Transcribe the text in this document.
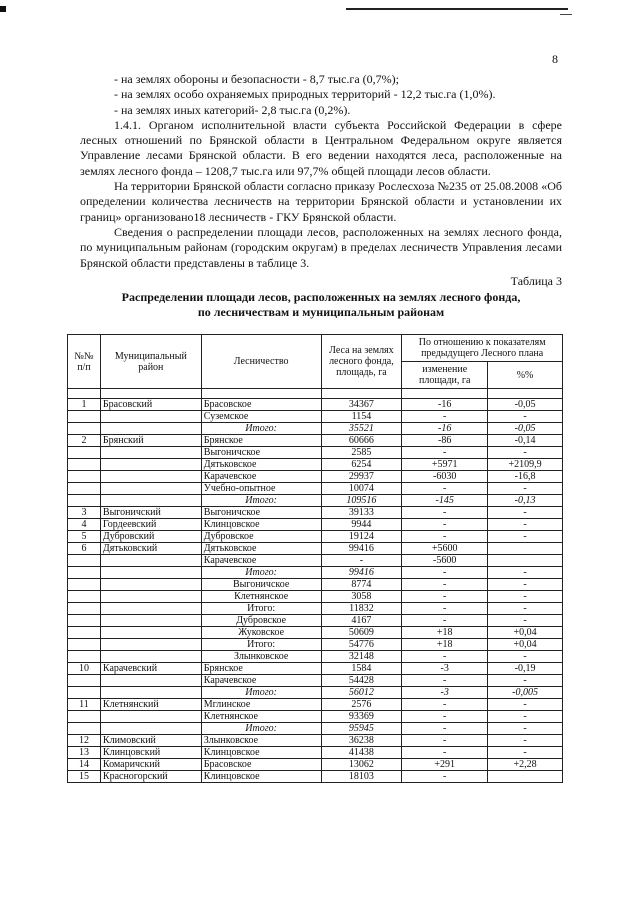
8

- на землях обороны и безопасности - 8,7 тыс.га (0,7%);

- на землях особо охраняемых природных территорий - 12,2 тыс.га (1,0%).

- на землях иных категорий- 2,8 тыс.га (0,2%).

1.4.1. Органом исполнительной власти субъекта Российской Федерации в сфере лесных отношений по Брянской области в Центральном Федеральном округе является Управление лесами Брянской области. В его ведении находятся леса, расположенные на землях лесного фонда – 1208,7 тыс.га или 97,7% общей площади лесов области.

На территории Брянской области согласно приказу Рослесхоза №235 от 25.08.2008 «Об определении количества лесничеств на территории Брянской области и установлении их границ» организовано18 лесничеств - ГКУ Брянской области.

Сведения о распределении площади лесов, расположенных на землях лесного фонда, по муниципальным районам (городским округам) в пределах лесничеств Управления лесами Брянской области представлены в таблице 3.

Таблица 3
Распределении площади лесов, расположенных на землях лесного фонда,
по лесничествам и муниципальным районам
№№ п/п	Муниципальный район	Лесничество	Леса на землях лесного фонда, площадь, га	По отношению к показателям предыдущего Лесного плана	
				изменение площади, га	%%

1	Брасовский	Брасовское	34367	-16	-0,05
		Суземское	1154	-	-
		Итого:	35521	-16	-0,05
2	Брянский	Брянское	60666	-86	-0,14
		Выгоничское	2585	-	-
		Дятьковское	6254	+5971	+2109,9
		Карачевское	29937	-6030	-16,8
		Учебно-опытное	10074	-	-
		Итого:	109516	-145	-0,13
3	Выгоничский	Выгоничское	39133	-	-
4	Гордеевский	Клинцовское	9944	-	-
5	Дубровский	Дубровское	19124	-	-
6	Дятьковский	Дятьковское	99416	+5600	
		Карачевское	-	-5600	
		Итого:	99416	-	-
		Выгоничское	8774	-	-
		Клетнянское	3058	-	-
		Итого:	11832	-	-
		Дубровское	4167	-	-
		Жуковское	50609	+18	+0,04
		Итого:	54776	+18	+0,04
		Злынковское	32148	-	-
10	Карачевский	Брянское	1584	-3	-0,19
		Карачевское	54428	-	-
		Итого:	56012	-3	-0,005
11	Клетнянский	Мглинское	2576	-	-
		Клетнянское	93369	-	-
		Итого:	95945	-	-
12	Климовский	Злынковское	36238	-	-
13	Клинцовский	Клинцовское	41438	-	-
14	Комаричский	Брасовское	13062	+291	+2,28
15	Красногорский	Клинцовское	18103	-	
